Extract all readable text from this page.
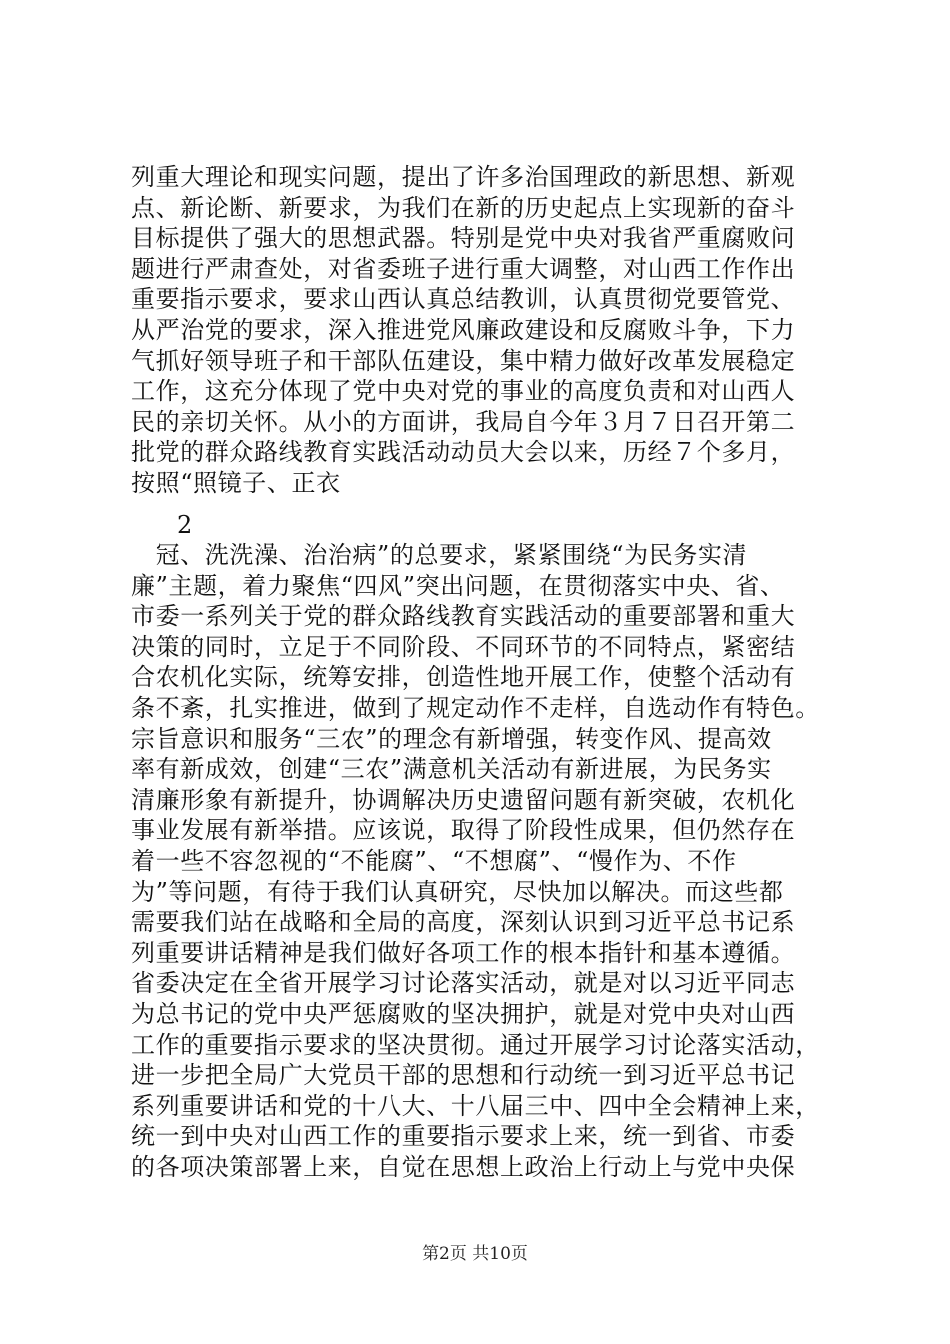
列重大理论和现实问题，提出了许多治国理政的新思想、新观
点、新论断、新要求，为我们在新的历史起点上实现新的奋斗
目标提供了强大的思想武器。特别是党中央对我省严重腐败问
题进行严肃查处，对省委班子进行重大调整，对山西工作作出
重要指示要求，要求山西认真总结教训，认真贯彻党要管党、
从严治党的要求，深入推进党风廉政建设和反腐败斗争，下力
气抓好领导班子和干部队伍建设，集中精力做好改革发展稳定
工作，这充分体现了党中央对党的事业的高度负责和对山西人
民的亲切关怀。从小的方面讲，我局自今年３月７日召开第二
批党的群众路线教育实践活动动员大会以来，历经７个多月，
按照“照镜子、正衣
2
　冠、洗洗澡、治治病”的总要求，紧紧围绕“为民务实清
廉”主题，着力聚焦“四风”突出问题，在贯彻落实中央、省、
市委一系列关于党的群众路线教育实践活动的重要部署和重大
决策的同时，立足于不同阶段、不同环节的不同特点，紧密结
合农机化实际，统筹安排，创造性地开展工作，使整个活动有
条不紊，扎实推进，做到了规定动作不走样，自选动作有特色。
宗旨意识和服务“三农”的理念有新增强，转变作风、提高效
率有新成效，创建“三农”满意机关活动有新进展，为民务实
清廉形象有新提升，协调解决历史遗留问题有新突破，农机化
事业发展有新举措。应该说，取得了阶段性成果，但仍然存在
着一些不容忽视的“不能腐”、“不想腐”、“慢作为、不作
为”等问题，有待于我们认真研究，尽快加以解决。而这些都
需要我们站在战略和全局的高度，深刻认识到习近平总书记系
列重要讲话精神是我们做好各项工作的根本指针和基本遵循。
省委决定在全省开展学习讨论落实活动，就是对以习近平同志
为总书记的党中央严惩腐败的坚决拥护，就是对党中央对山西
工作的重要指示要求的坚决贯彻。通过开展学习讨论落实活动，
进一步把全局广大党员干部的思想和行动统一到习近平总书记
系列重要讲话和党的十八大、十八届三中、四中全会精神上来，
统一到中央对山西工作的重要指示要求上来，统一到省、市委
的各项决策部署上来，自觉在思想上政治上行动上与党中央保
第2页 共10页
